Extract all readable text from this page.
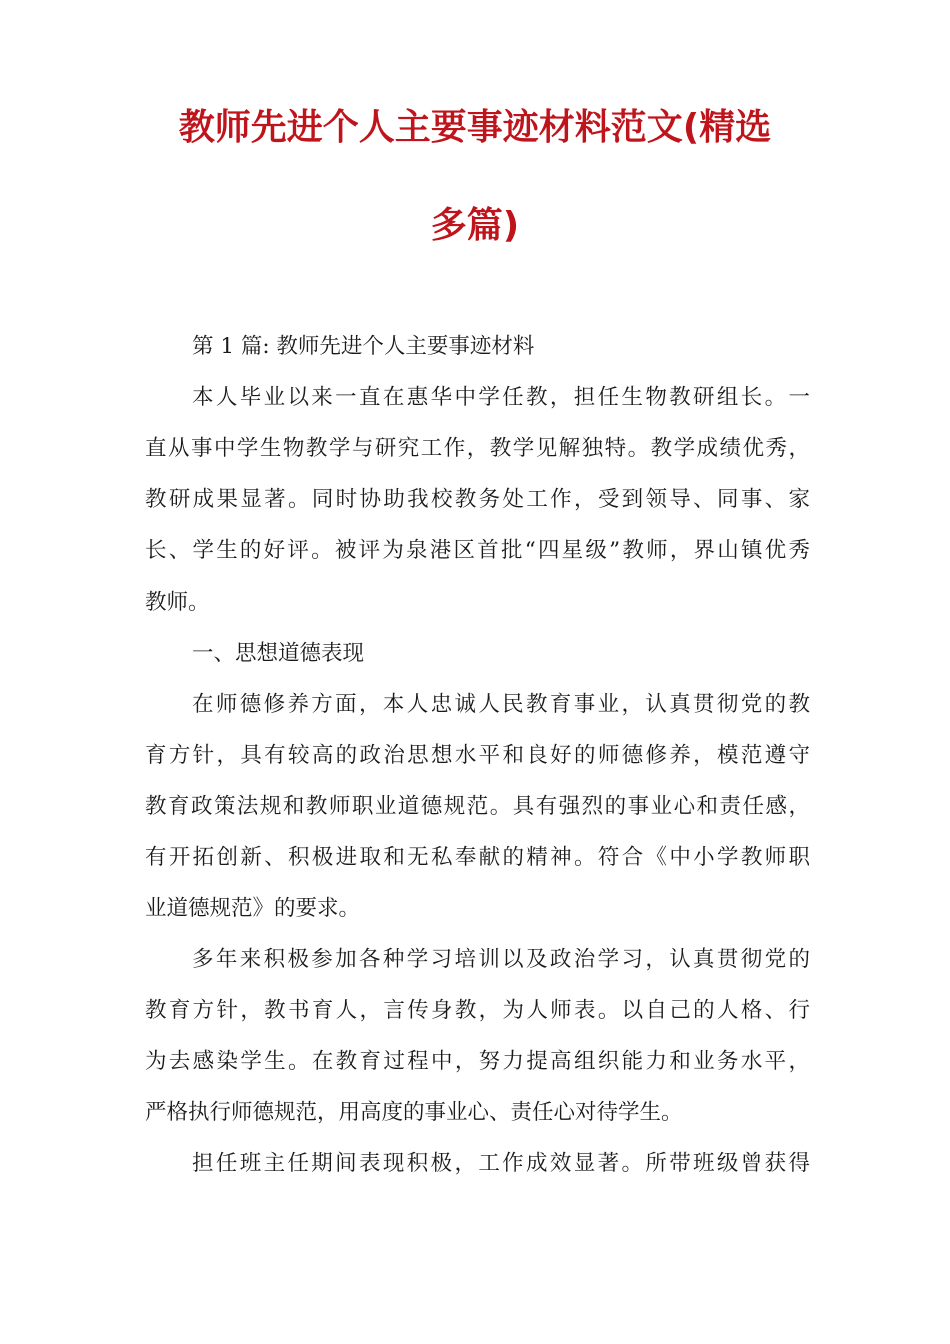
教师先进个人主要事迹材料范文(精选
多篇)
第 1 篇: 教师先进个人主要事迹材料
本人毕业以来一直在惠华中学任教，担任生物教研组长。一
直从事中学生物教学与研究工作，教学见解独特。教学成绩优秀，
教研成果显著。同时协助我校教务处工作，受到领导、同事、家
长、学生的好评。被评为泉港区首批“四星级”教师，界山镇优秀
教师。
一、思想道德表现
在师德修养方面，本人忠诚人民教育事业，认真贯彻党的教
育方针，具有较高的政治思想水平和良好的师德修养，模范遵守
教育政策法规和教师职业道德规范。具有强烈的事业心和责任感，
有开拓创新、积极进取和无私奉献的精神。符合《中小学教师职
业道德规范》的要求。
多年来积极参加各种学习培训以及政治学习，认真贯彻党的
教育方针，教书育人，言传身教，为人师表。以自己的人格、行
为去感染学生。在教育过程中，努力提高组织能力和业务水平，
严格执行师德规范，用高度的事业心、责任心对待学生。
担任班主任期间表现积极，工作成效显著。所带班级曾获得
